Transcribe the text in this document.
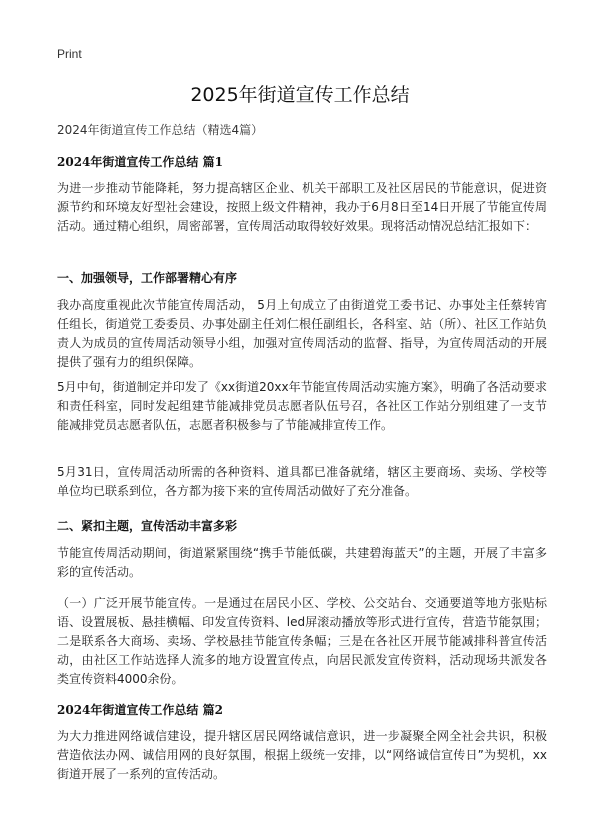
Print
2025年街道宣传工作总结
2024年街道宣传工作总结（精选4篇）
2024年街道宣传工作总结 篇1
为进一步推动节能降耗，努力提高辖区企业、机关干部职工及社区居民的节能意识，促进资源节约和环境友好型社会建设，按照上级文件精神，我办于6月8日至14日开展了节能宣传周活动。通过精心组织，周密部署，宣传周活动取得较好效果。现将活动情况总结汇报如下：
一、加强领导，工作部署精心有序
我办高度重视此次节能宣传周活动， 5月上旬成立了由街道党工委书记、办事处主任蔡转宵任组长，街道党工委委员、办事处副主任刘仁根任副组长，各科室、站（所）、社区工作站负责人为成员的宣传周活动领导小组，加强对宣传周活动的监督、指导，为宣传周活动的开展提供了强有力的组织保障。
5月中旬，街道制定并印发了《xx街道20xx年节能宣传周活动实施方案》，明确了各活动要求和责任科室，同时发起组建节能减排党员志愿者队伍号召，各社区工作站分别组建了一支节能减排党员志愿者队伍，志愿者积极参与了节能减排宣传工作。
5月31日，宣传周活动所需的各种资料、道具都已准备就绪，辖区主要商场、卖场、学校等单位均已联系到位，各方都为接下来的宣传周活动做好了充分准备。
二、紧扣主题，宣传活动丰富多彩
节能宣传周活动期间，街道紧紧围绕“携手节能低碳，共建碧海蓝天”的主题，开展了丰富多彩的宣传活动。
（一）广泛开展节能宣传。一是通过在居民小区、学校、公交站台、交通要道等地方张贴标语、设置展板、悬挂横幅、印发宣传资料、led屏滚动播放等形式进行宣传，营造节能氛围；二是联系各大商场、卖场、学校悬挂节能宣传条幅；三是在各社区开展节能减排科普宣传活动，由社区工作站选择人流多的地方设置宣传点，向居民派发宣传资料，活动现场共派发各类宣传资料4000余份。
2024年街道宣传工作总结 篇2
为大力推进网络诚信建设，提升辖区居民网络诚信意识，进一步凝聚全网全社会共识，积极营造依法办网、诚信用网的良好氛围，根据上级统一安排，以“网络诚信宣传日”为契机，xx街道开展了一系列的宣传活动。
